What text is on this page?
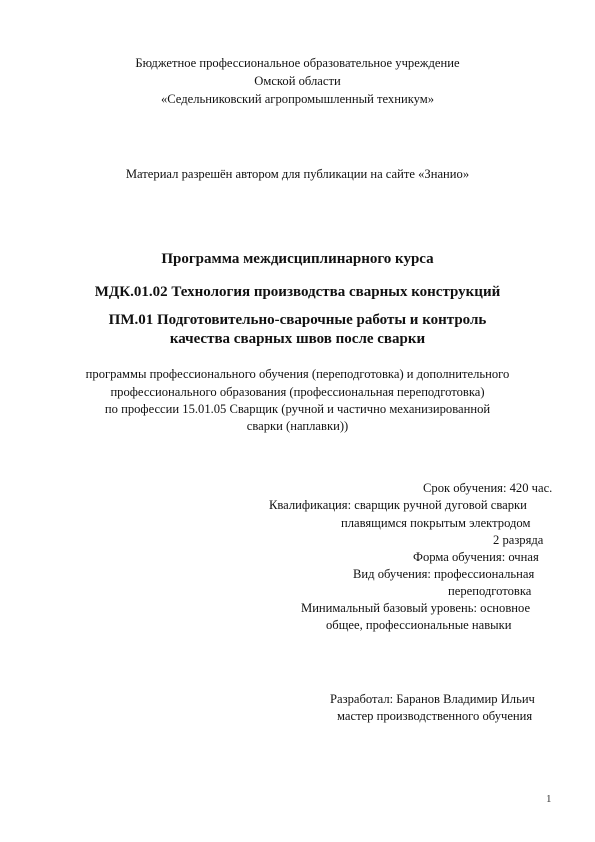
Бюджетное профессиональное образовательное учреждение
Омской области
«Седельниковский агропромышленный техникум»
Материал разрешён автором для публикации на сайте «Знанио»
Программа междисциплинарного курса
МДК.01.02 Технология производства сварных конструкций
ПМ.01 Подготовительно-сварочные работы и контроль
качества сварных швов после сварки
программы профессионального обучения (переподготовка) и дополнительного
профессионального образования (профессиональная переподготовка)
по профессии 15.01.05 Сварщик (ручной и частично механизированной
сварки (наплавки))
Срок обучения: 420 час.
Квалификация: сварщик ручной дуговой сварки
плавящимся покрытым электродом
2 разряда
Форма обучения: очная
Вид обучения: профессиональная
переподготовка
Минимальный базовый уровень: основное
общее, профессиональные навыки
Разработал: Баранов Владимир Ильич
мастер производственного обучения
1
